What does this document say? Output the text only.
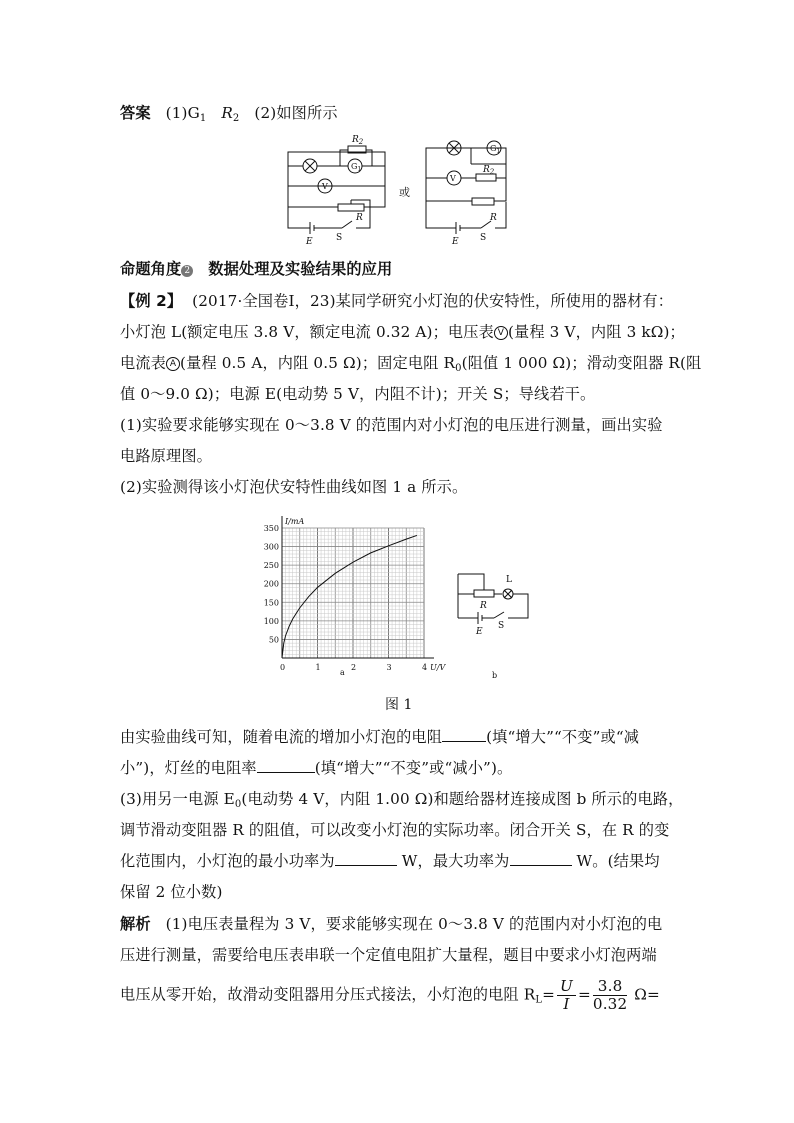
答案 $(1)G_1$ $R_2$ (2)如图所示
$R_2$
$G_1$
V
R
E	S
或
$G_1$
V
$R_2$
R
E S
命题角度 2 数据处理及实验结果的应用
【例 2】 (2017·全国卷Ⅰ，23)某同学研究小灯泡的伏安特性，所使用的器材有：
小灯泡 L(额定电压 3.8 V，额定电流 0.32 A)；电压表 V (量程 3 V，内阻 3 kΩ)；
电流表 A (量程 0.5 A，内阻 0.5 Ω)；固定电阻 $R_0$(阻值 1 000 Ω)；滑动变阻器 R(阻
值 0～9.0 Ω)；电源 E(电动势 5 V，内阻不计)；开关 S；导线若干。
(1)实验要求能够实现在 0～3.8 V 的范围内对小灯泡的电压进行测量，画出实验
电路原理图。
(2)实验测得该小灯泡伏安特性曲线如图 1 a 所示。
50
100
150
200
250
300
350
0	1	2	3	4
I/mA
U/V
L
R
E
S
b
a
图 1
由实验曲线可知，随着电流的增加小灯泡的电阻	(填“增大”“不变”或“减
小”)，灯丝的电阻率	(填“增大”“不变”或“减小”)。
(3)用另一电源 $E_0$(电动势 4 V，内阻 1.00 Ω)和题给器材连接成图 b 所示的电路，
调节滑动变阻器 R 的阻值，可以改变小灯泡的实际功率。闭合开关 S，在 R 的变
化范围内，小灯泡的最小功率为	W，最大功率为	W。(结果均
保留 2 位小数)
解析 (1)电压表量程为 3 V，要求能够实现在 0～3.8 V 的范围内对小灯泡的电
压进行测量，需要给电压表串联一个定值电阻扩大量程，题目中要求小灯泡两端
电压从零开始，故滑动变阻器用分压式接法，小灯泡的电阻 $R_L= \frac{U}{I} = \frac{3.8}{0.32} \Omega=$
